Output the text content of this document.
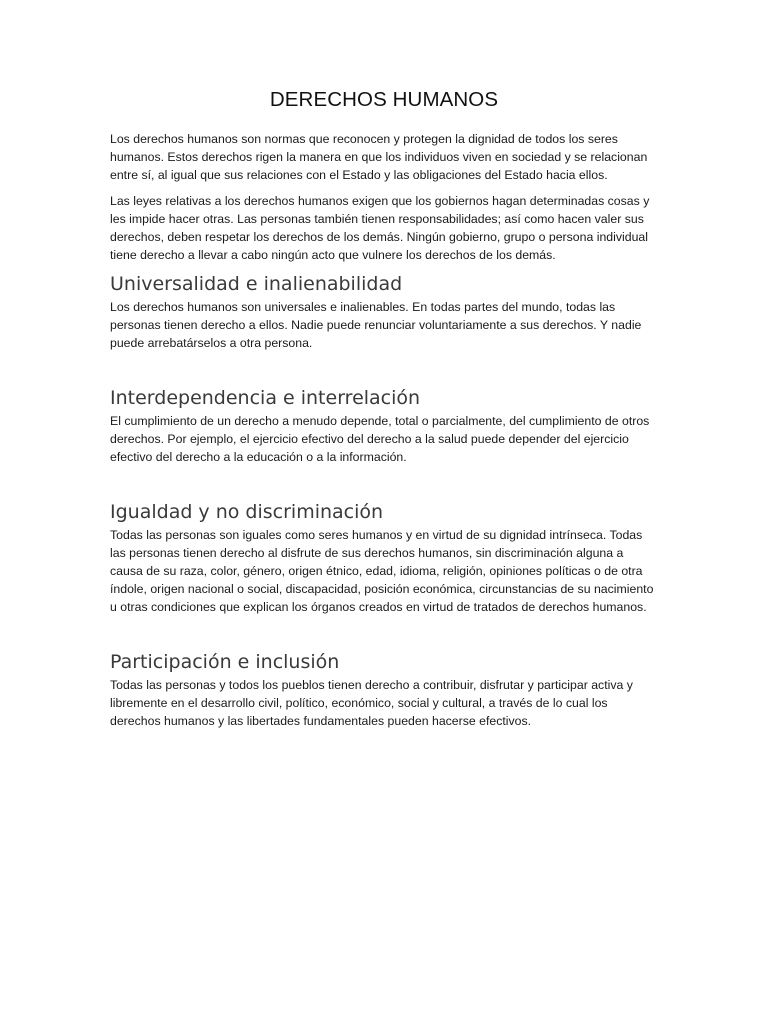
DERECHOS HUMANOS

Los derechos humanos son normas que reconocen y protegen la dignidad de todos los seres humanos. Estos derechos rigen la manera en que los individuos viven en sociedad y se relacionan entre sí, al igual que sus relaciones con el Estado y las obligaciones del Estado hacia ellos.

Las leyes relativas a los derechos humanos exigen que los gobiernos hagan determinadas cosas y les impide hacer otras. Las personas también tienen responsabilidades; así como hacen valer sus derechos, deben respetar los derechos de los demás. Ningún gobierno, grupo o persona individual tiene derecho a llevar a cabo ningún acto que vulnere los derechos de los demás.

Universalidad e inalienabilidad

Los derechos humanos son universales e inalienables. En todas partes del mundo, todas las personas tienen derecho a ellos. Nadie puede renunciar voluntariamente a sus derechos. Y nadie puede arrebatárselos a otra persona.

Interdependencia e interrelación

El cumplimiento de un derecho a menudo depende, total o parcialmente, del cumplimiento de otros derechos. Por ejemplo, el ejercicio efectivo del derecho a la salud puede depender del ejercicio efectivo del derecho a la educación o a la información.

Igualdad y no discriminación

Todas las personas son iguales como seres humanos y en virtud de su dignidad intrínseca. Todas las personas tienen derecho al disfrute de sus derechos humanos, sin discriminación alguna a causa de su raza, color, género, origen étnico, edad, idioma, religión, opiniones políticas o de otra índole, origen nacional o social, discapacidad, posición económica, circunstancias de su nacimiento u otras condiciones que explican los órganos creados en virtud de tratados de derechos humanos.

Participación e inclusión

Todas las personas y todos los pueblos tienen derecho a contribuir, disfrutar y participar activa y libremente en el desarrollo civil, político, económico, social y cultural, a través de lo cual los derechos humanos y las libertades fundamentales pueden hacerse efectivos.
